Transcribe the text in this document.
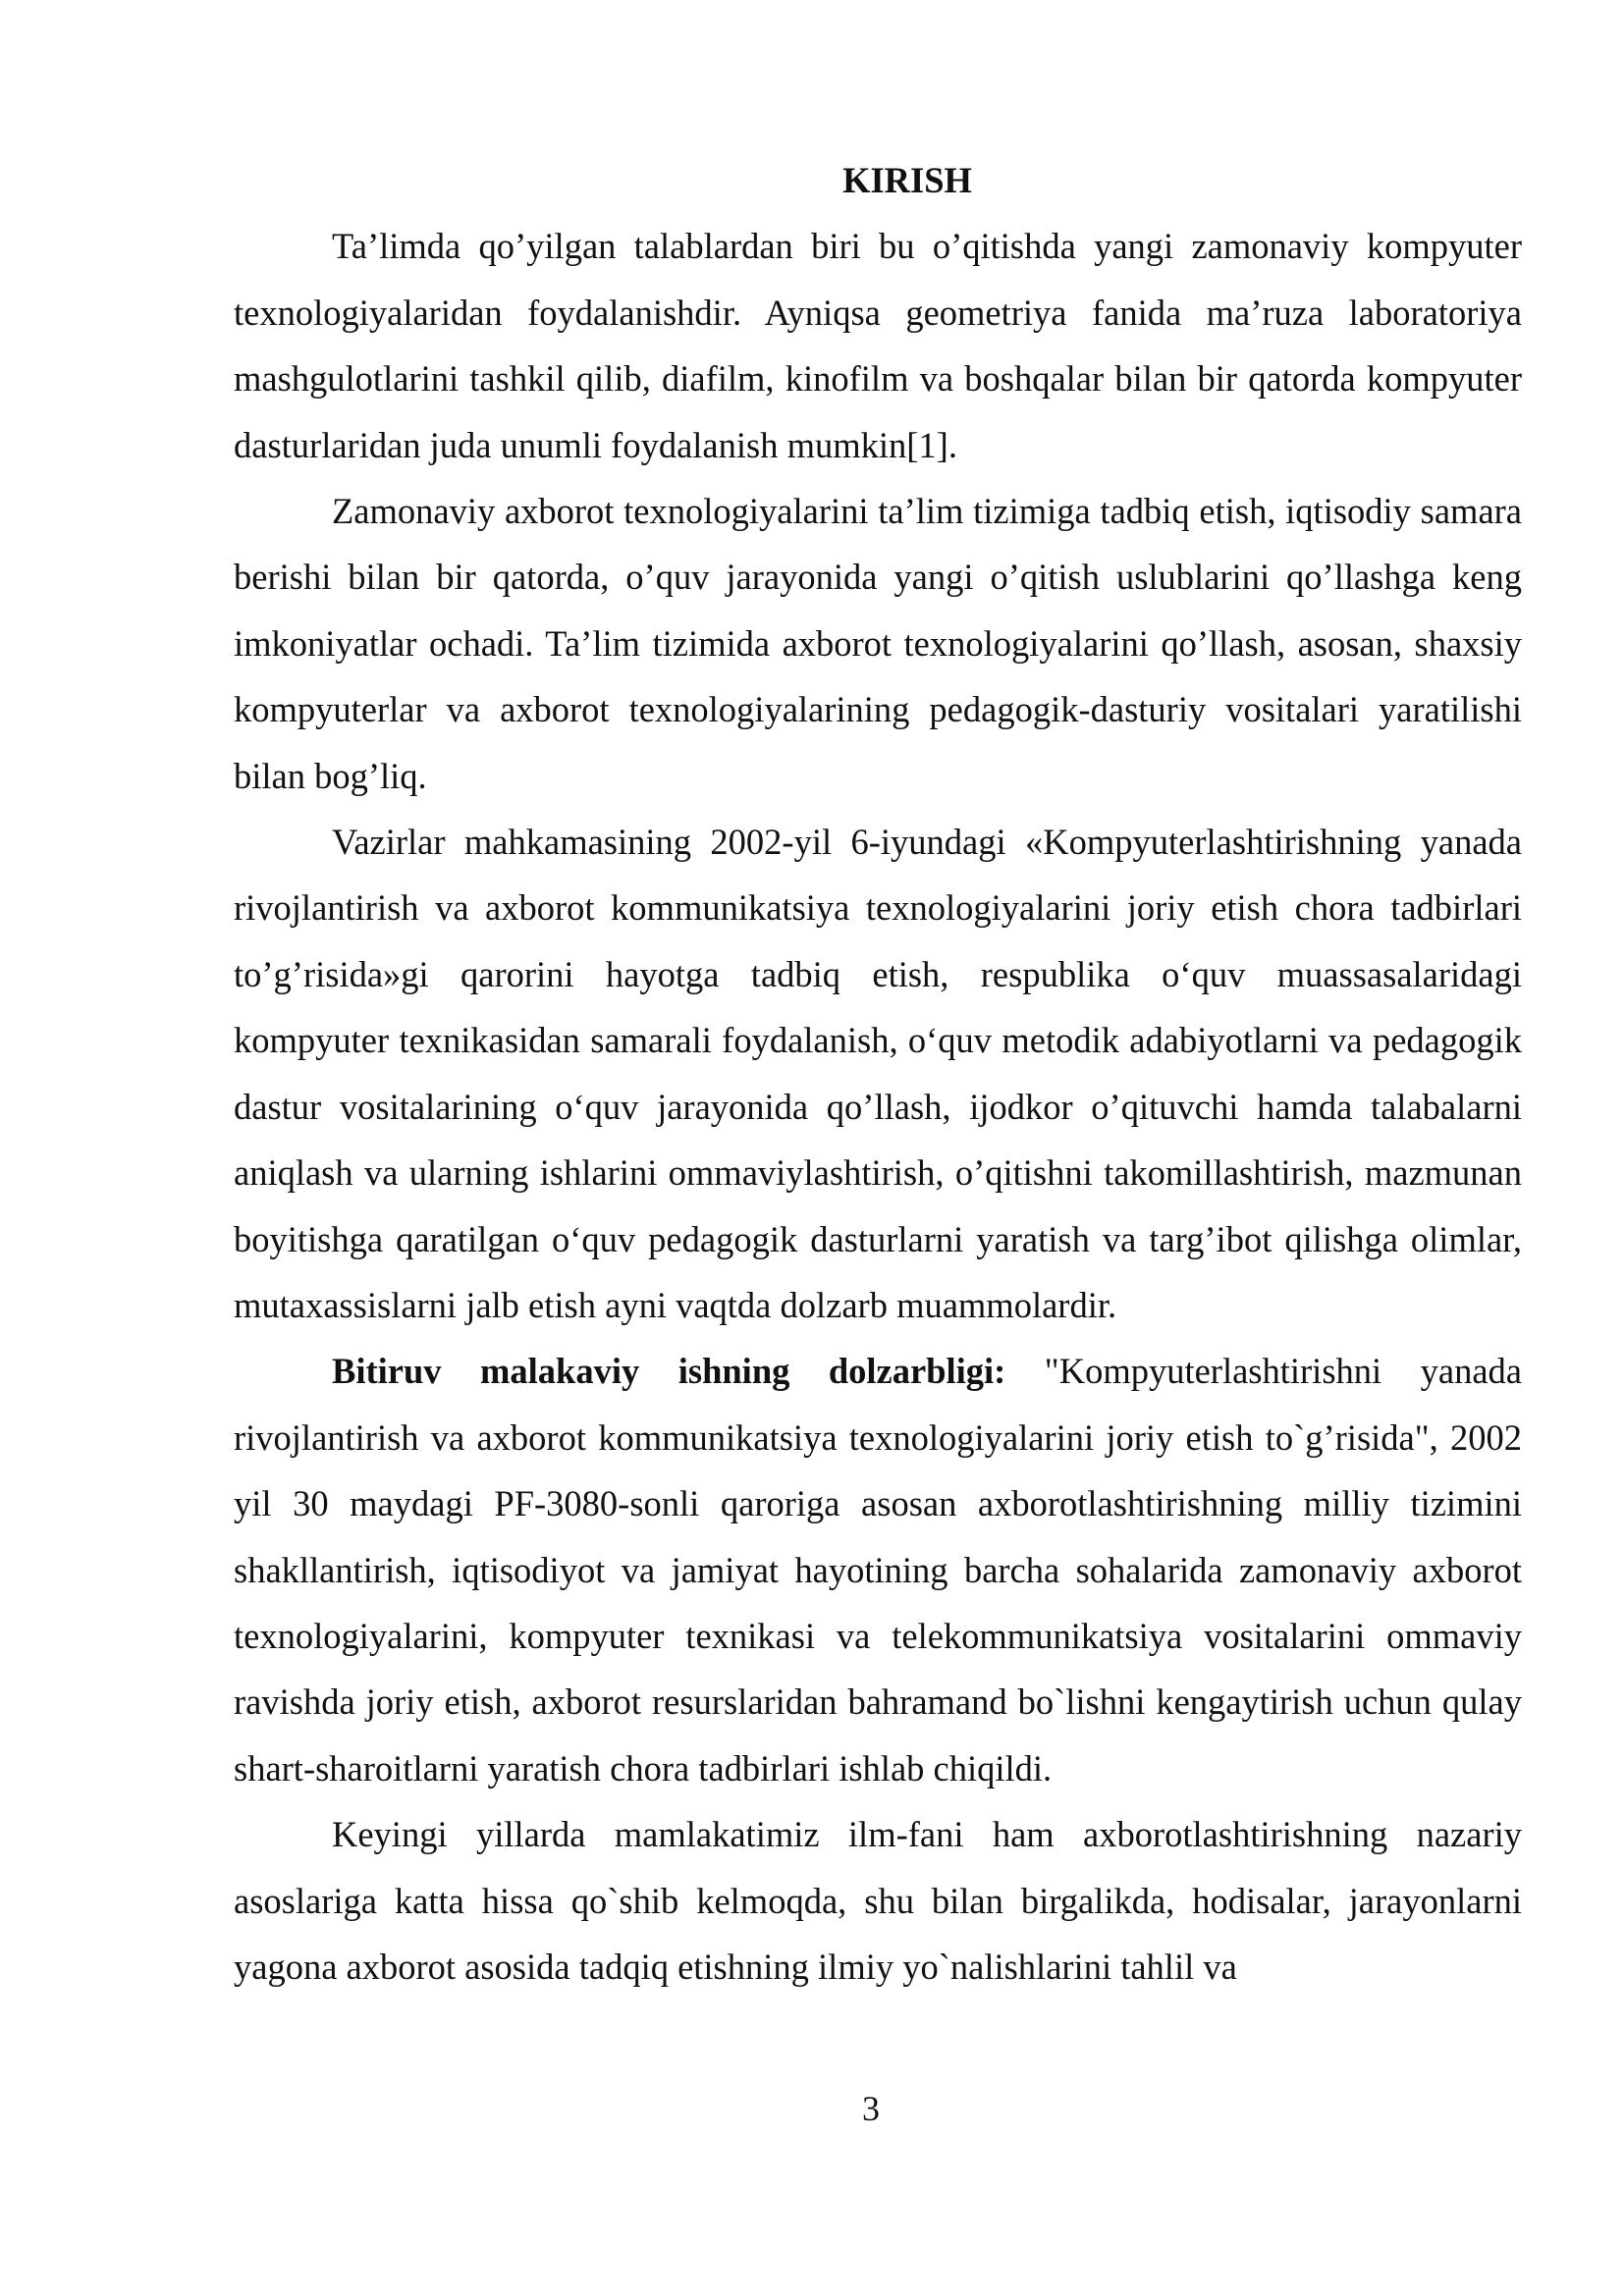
KIRISH

Ta’limda qo’yilgan talablardan biri bu o’qitishda yangi zamonaviy kompyuter texnologiyalaridan foydalanishdir. Ayniqsa geometriya fanida ma’ruza laboratoriya mashgulotlarini tashkil qilib, diafilm, kinofilm va boshqalar bilan bir qatorda kompyuter dasturlaridan juda unumli foydalanish mumkin[1].

Zamonaviy axborot texnologiyalarini ta’lim tizimiga tadbiq etish, iqtisodiy samara berishi bilan bir qatorda, o’quv jarayonida yangi o’qitish uslublarini qo’llashga keng imkoniyatlar ochadi. Ta’lim tizimida axborot texnologiyalarini qo’llash, asosan, shaxsiy kompyuterlar va axborot texnologiyalarining pedagogik-dasturiy vositalari yaratilishi bilan bog’liq.

Vazirlar mahkamasining 2002-yil 6-iyundagi «Kompyuterlashtirishning yanada rivojlantirish va axborot kommunikatsiya texnologiyalarini joriy etish chora tadbirlari to’g’risida»gi qarorini hayotga tadbiq etish, respublika o‘quv muassasalaridagi kompyuter texnikasidan samarali foydalanish, o‘quv metodik adabiyotlarni va pedagogik dastur vositalarining o‘quv jarayonida qo’llash, ijodkor o’qituvchi hamda talabalarni aniqlash va ularning ishlarini ommaviylashtirish, o’qitishni takomillashtirish, mazmunan boyitishga qaratilgan o‘quv pedagogik dasturlarni yaratish va targ’ibot qilishga olimlar, mutaxassislarni jalb etish ayni vaqtda dolzarb muammolardir.

Bitiruv malakaviy ishning dolzarbligi: "Kompyuterlashtirishni yanada rivojlantirish va axborot kommunikatsiya texnologiyalarini joriy etish to`g’risida", 2002 yil 30 maydagi PF-3080-sonli qaroriga asosan axborotlashtirishning milliy tizimini shakllantirish, iqtisodiyot va jamiyat hayotining barcha sohalarida zamonaviy axborot texnologiyalarini, kompyuter texnikasi va telekommunikatsiya vositalarini ommaviy ravishda joriy etish, axborot resurslaridan bahramand bo`lishni kengaytirish uchun qulay shart-sharoitlarni yaratish chora tadbirlari ishlab chiqildi.

Keyingi yillarda mamlakatimiz ilm-fani ham axborotlashtirishning nazariy asoslariga katta hissa qo`shib kelmoqda, shu bilan birgalikda, hodisalar, jarayonlarni yagona axborot asosida tadqiq etishning ilmiy yo`nalishlarini tahlil va

3
